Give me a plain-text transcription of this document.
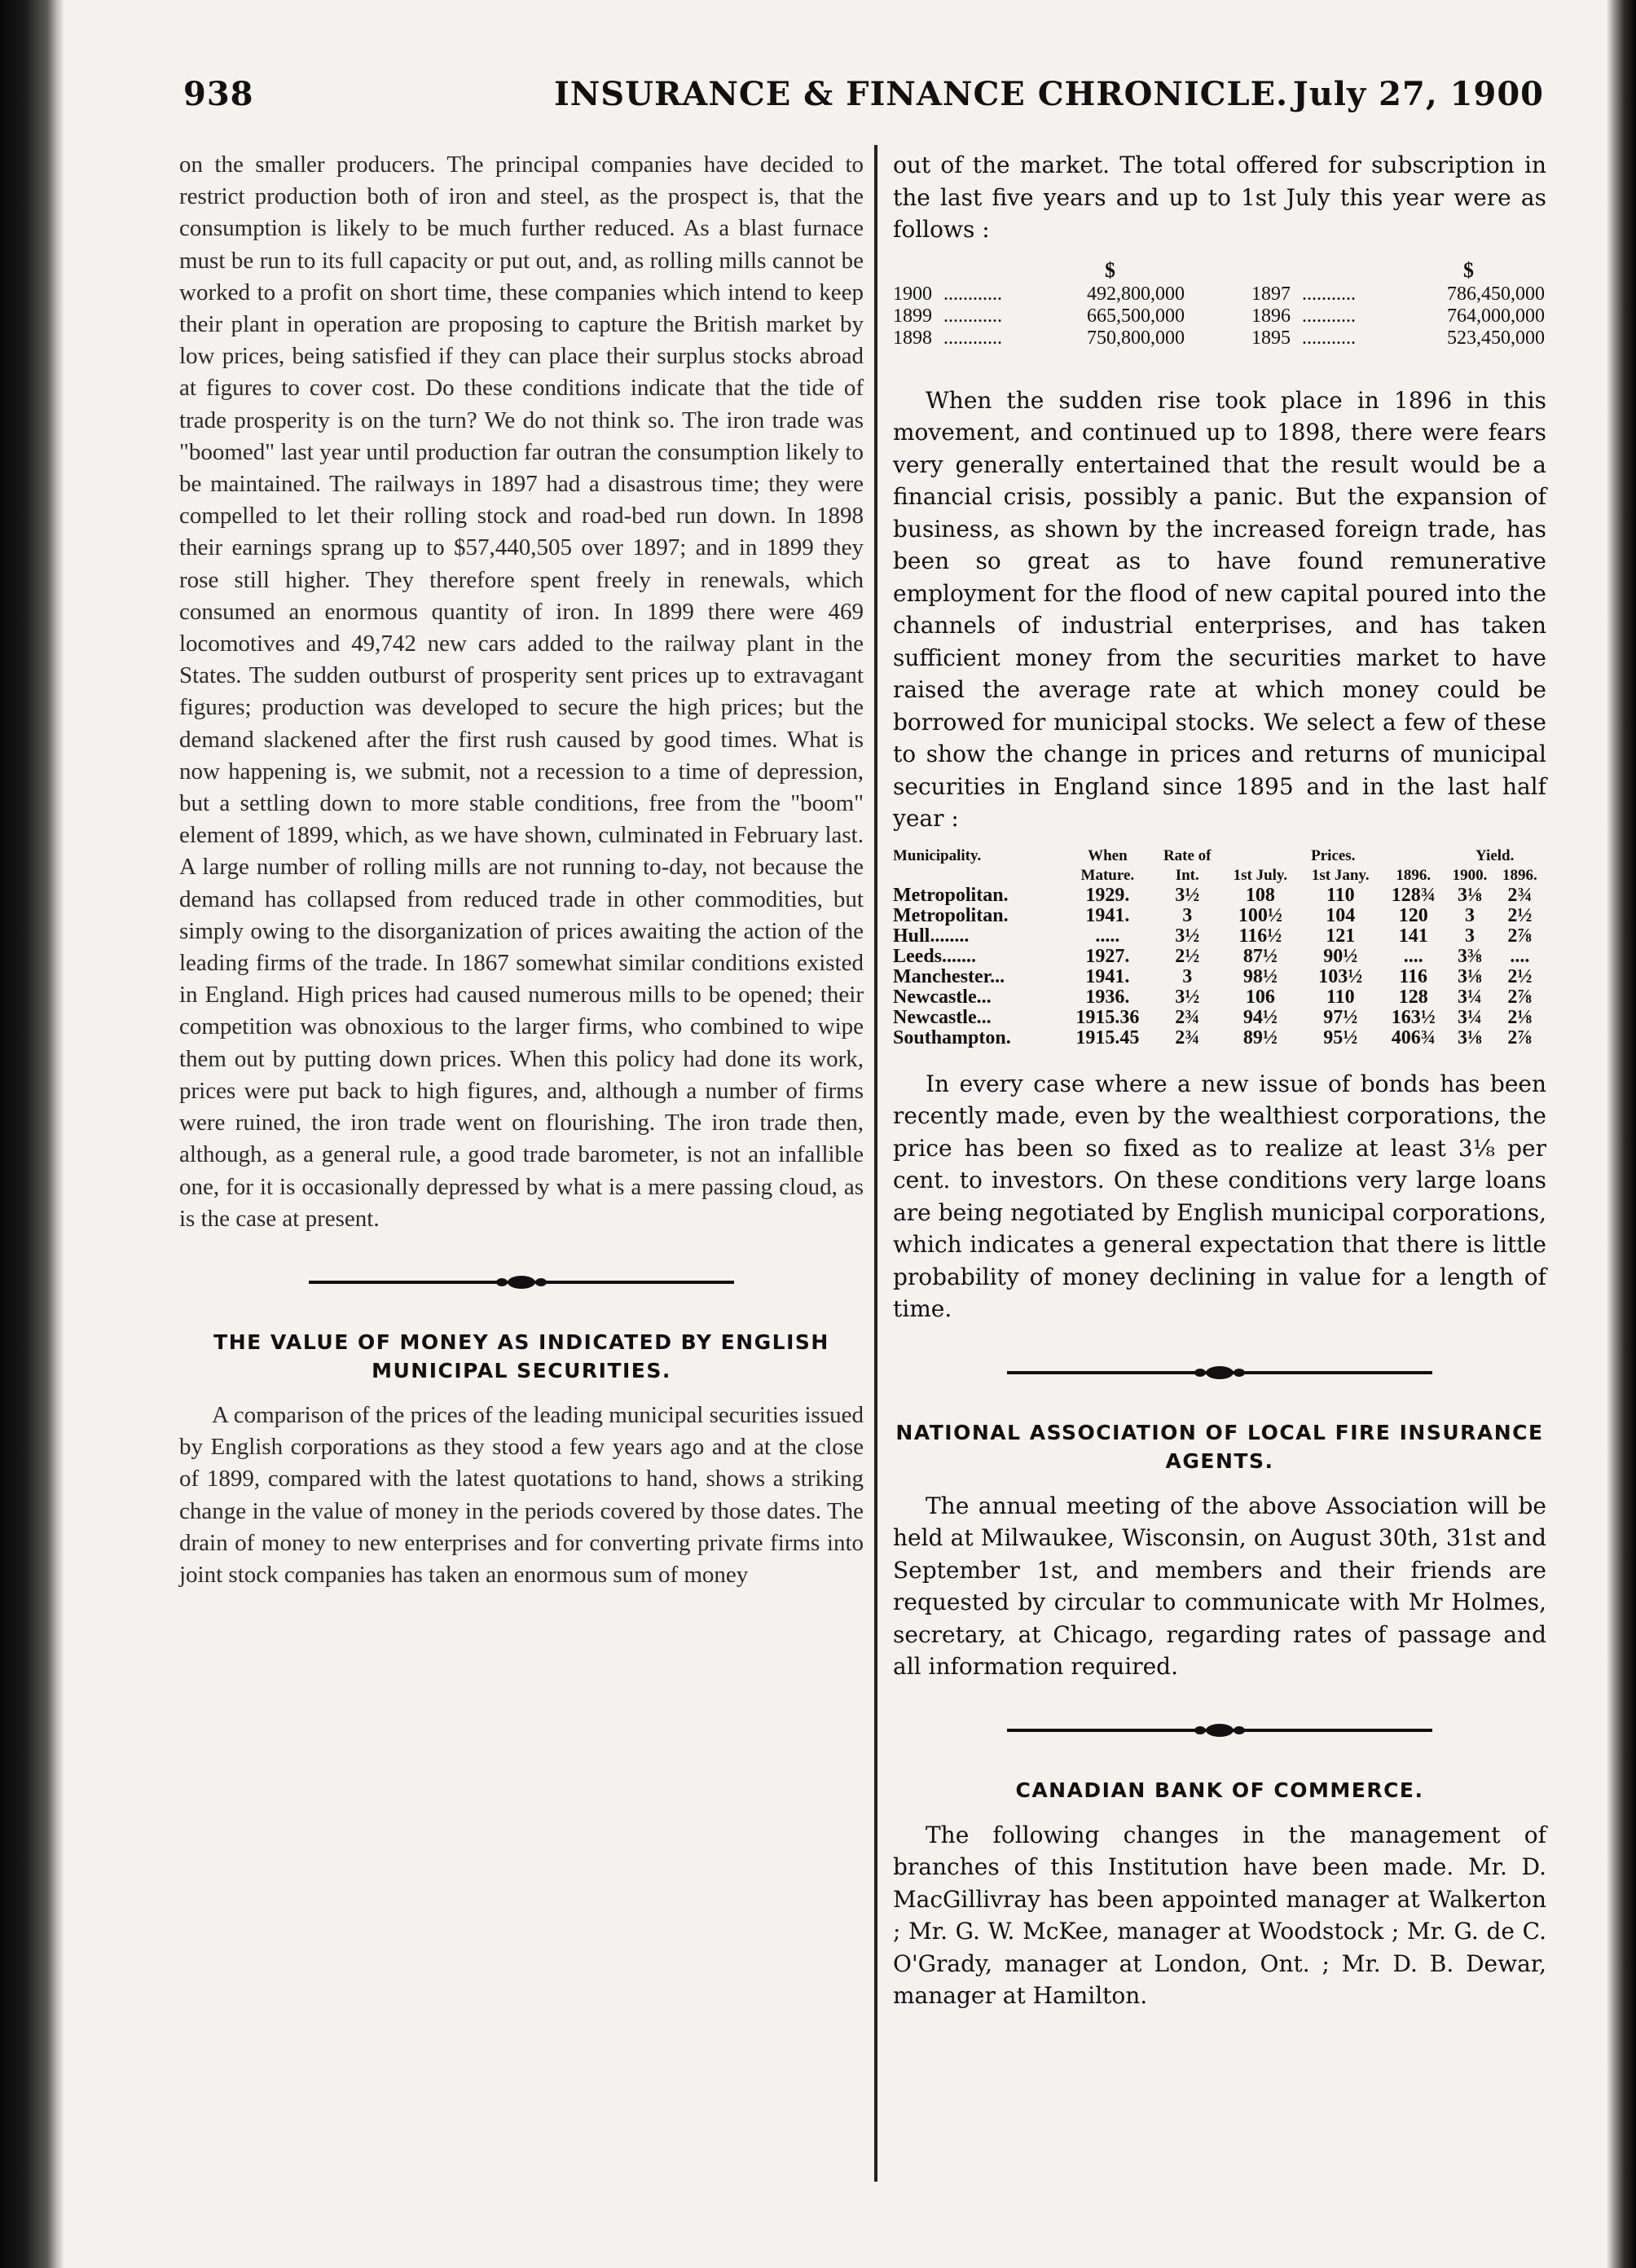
938	INSURANCE & FINANCE CHRONICLE. July 27, 1900

on the smaller producers. The principal companies have decided to restrict production both of iron and steel, as the prospect is, that the consumption is likely to be much further reduced. As a blast furnace must be run to its full capacity or put out, and, as rolling mills cannot be worked to a profit on short time, these companies which intend to keep their plant in operation are proposing to capture the British market by low prices, being satisfied if they can place their surplus stocks abroad at figures to cover cost. Do these conditions indicate that the tide of trade prosperity is on the turn? We do not think so. The iron trade was "boomed" last year until production far outran the consumption likely to be maintained. The railways in 1897 had a disastrous time; they were compelled to let their rolling stock and road-bed run down. In 1898 their earnings sprang up to $57,440,505 over 1897; and in 1899 they rose still higher. They therefore spent freely in renewals, which consumed an enormous quantity of iron. In 1899 there were 469 locomotives and 49,742 new cars added to the railway plant in the States. The sudden outburst of prosperity sent prices up to extravagant figures; production was developed to secure the high prices; but the demand slackened after the first rush caused by good times. What is now happening is, we submit, not a recession to a time of depression, but a settling down to more stable conditions, free from the "boom" element of 1899, which, as we have shown, culminated in February last. A large number of rolling mills are not running to-day, not because the demand has collapsed from reduced trade in other commodities, but simply owing to the disorganization of prices awaiting the action of the leading firms of the trade. In 1867 somewhat similar conditions existed in England. High prices had caused numerous mills to be opened; their competition was obnoxious to the larger firms, who combined to wipe them out by putting down prices. When this policy had done its work, prices were put back to high figures, and, although a number of firms were ruined, the iron trade went on flourishing. The iron trade then, although, as a general rule, a good trade barometer, is not an infallible one, for it is occasionally depressed by what is a mere passing cloud, as is the case at present.

THE VALUE OF MONEY AS INDICATED BY ENGLISH MUNICIPAL SECURITIES.

A comparison of the prices of the leading municipal securities issued by English corporations as they stood a few years ago and at the close of 1899, compared with the latest quotations to hand, shows a striking change in the value of money in the periods covered by those dates. The drain of money to new enterprises and for converting private firms into joint stock companies has taken an enormous sum of money

out of the market. The total offered for subscription in the last five years and up to 1st July this year were as follows :

$	$
1900 ............	492,800,000	1897 ...........	786,450,000
1899 ............	665,500,000	1896 ...........	764,000,000
1898 ............	750,800,000	1895 ...........	523,450,000

When the sudden rise took place in 1896 in this movement, and continued up to 1898, there were fears very generally entertained that the result would be a financial crisis, possibly a panic. But the expansion of business, as shown by the increased foreign trade, has been so great as to have found remunerative employment for the flood of new capital poured into the channels of industrial enterprises, and has taken sufficient money from the securities market to have raised the average rate at which money could be borrowed for municipal stocks. We select a few of these to show the change in prices and returns of municipal securities in England since 1895 and in the last half year :

Municipality.	When	Rate of	Prices.			Yield.	
	Mature.	Int.	1st July.	1st Jany.	1896.	1900.	1896.
Metropolitan.	1929.	3½	108	110	128¾	3⅛	2¾
Metropolitan.	1941.	3	100½	104	120	3	2½
Hull........	.....	3½	116½	121	141	3	2⅞
Leeds.......	1927.	2½	87½	90½	....	3⅜	....
Manchester...	1941.	3	98½	103½	116	3⅛	2½
Newcastle...	1936.	3½	106	110	128	3¼	2⅞
Newcastle...	1915.36	2¾	94½	97½	163½	3¼	2⅛
Southampton.	1915.45	2¾	89½	95½	406¾	3⅛	2⅞

In every case where a new issue of bonds has been recently made, even by the wealthiest corporations, the price has been so fixed as to realize at least 3⅛ per cent. to investors. On these conditions very large loans are being negotiated by English municipal corporations, which indicates a general expectation that there is little probability of money declining in value for a length of time.

NATIONAL ASSOCIATION OF LOCAL FIRE INSURANCE AGENTS.

The annual meeting of the above Association will be held at Milwaukee, Wisconsin, on August 30th, 31st and September 1st, and members and their friends are requested by circular to communicate with Mr Holmes, secretary, at Chicago, regarding rates of passage and all information required.

CANADIAN BANK OF COMMERCE.

The following changes in the management of branches of this Institution have been made. Mr. D. MacGillivray has been appointed manager at Walkerton ; Mr. G. W. McKee, manager at Woodstock ; Mr. G. de C. O'Grady, manager at London, Ont. ; Mr. D. B. Dewar, manager at Hamilton.
